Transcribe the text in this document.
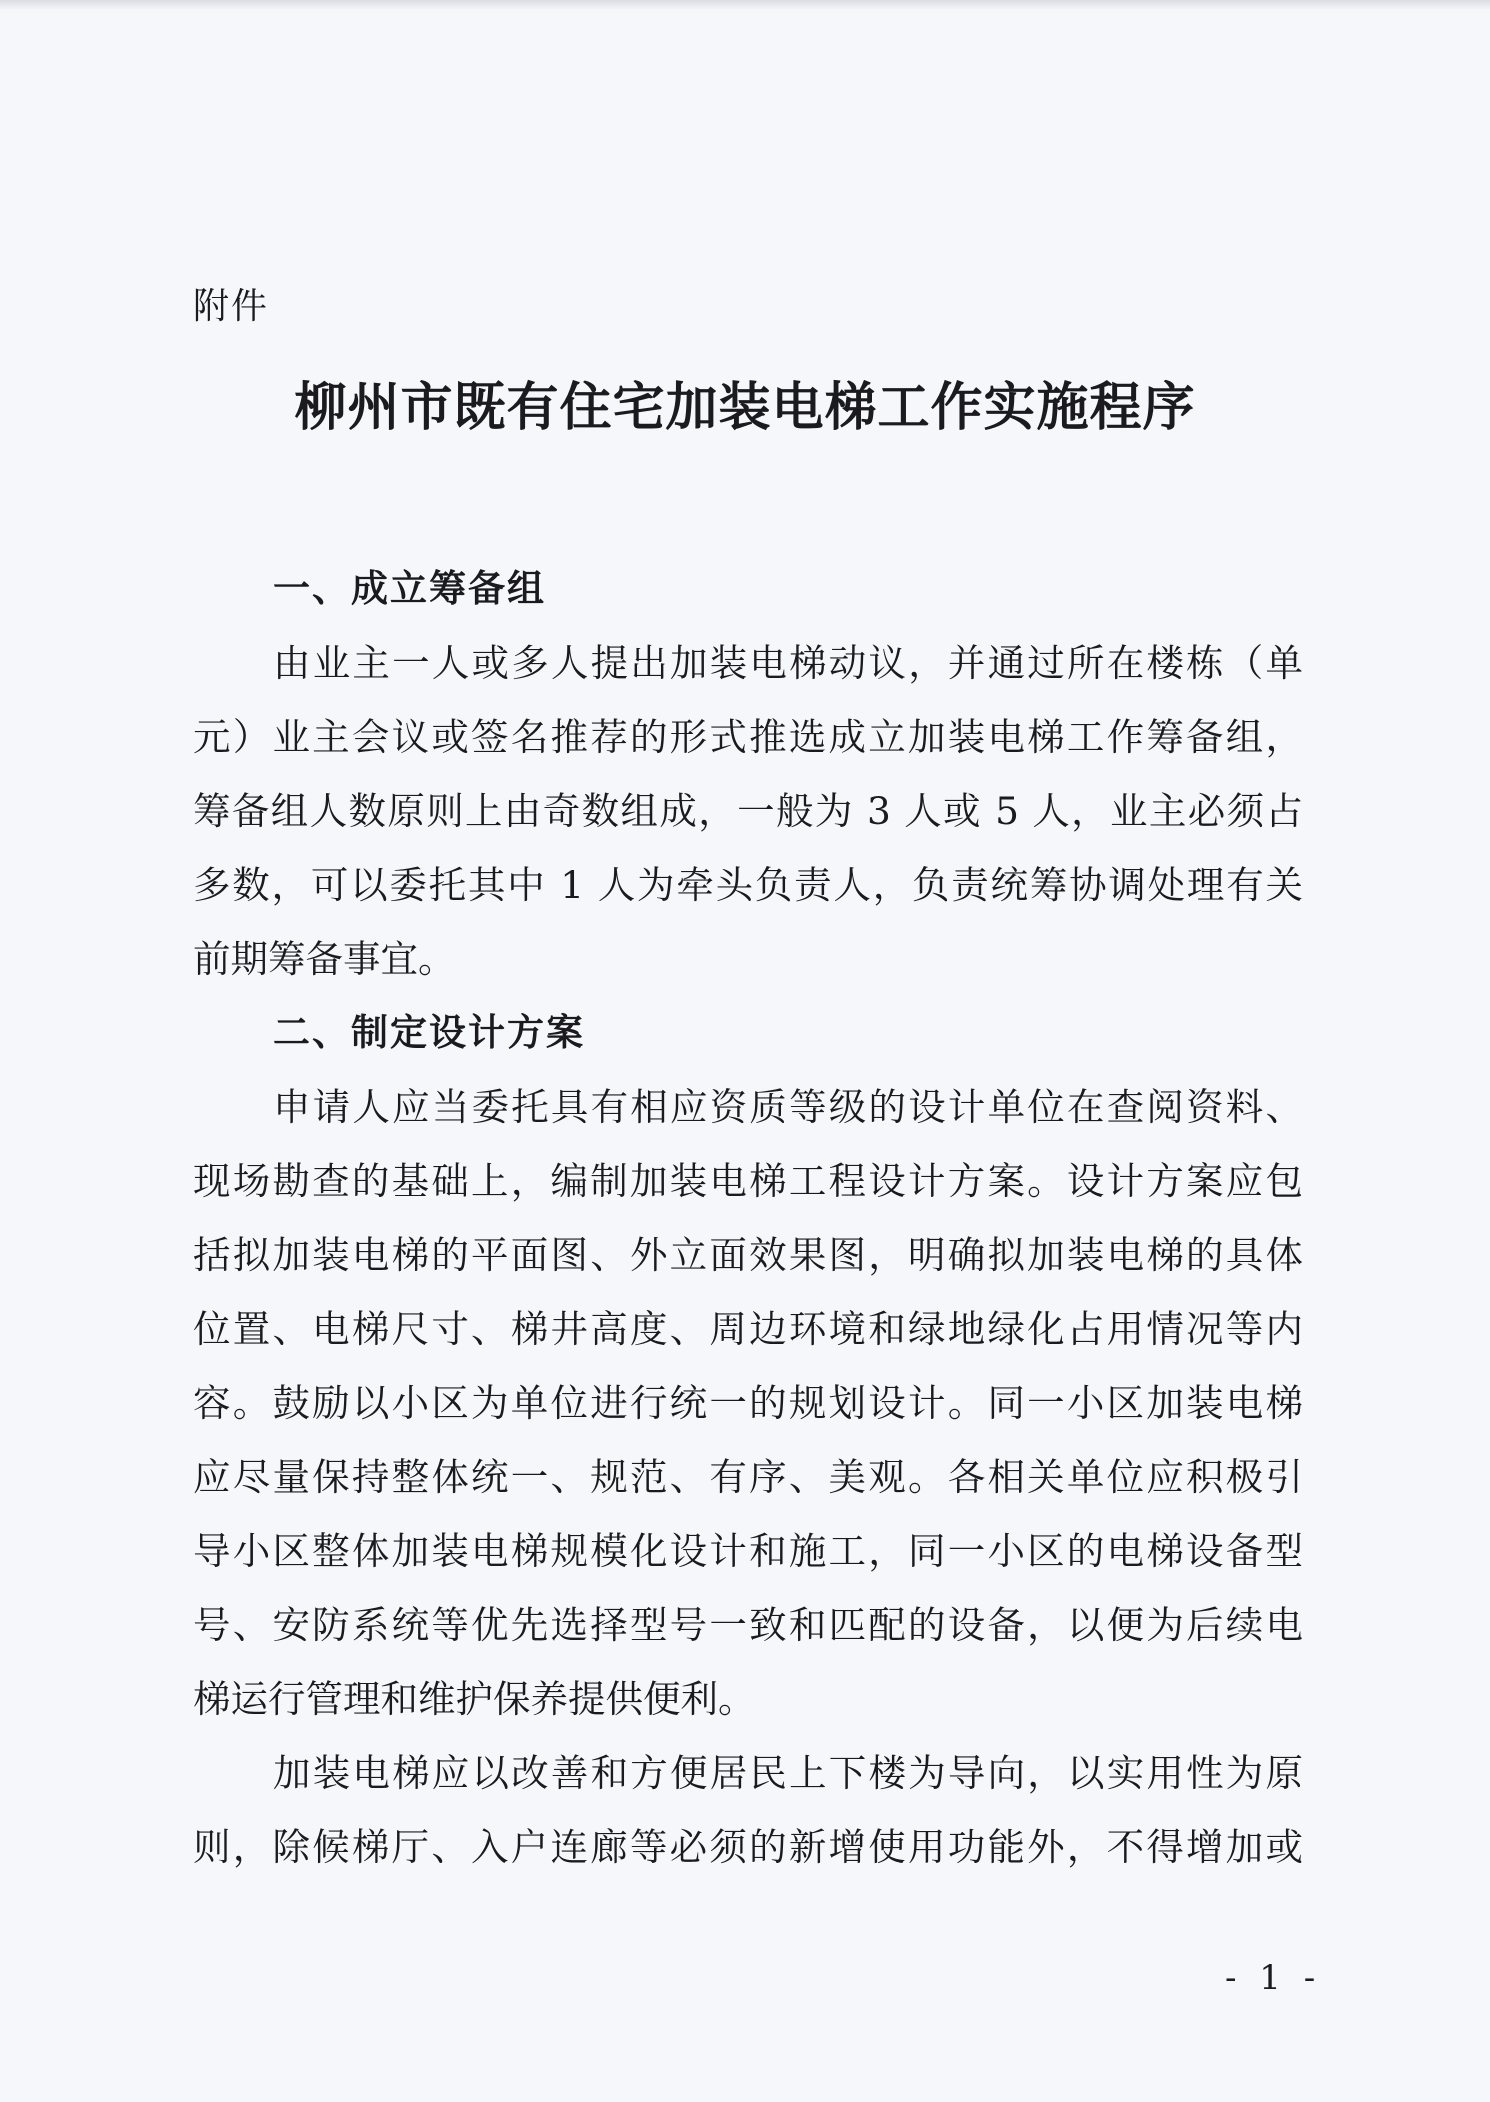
附件
柳州市既有住宅加装电梯工作实施程序
一、成立筹备组
由业主一人或多人提出加装电梯动议，并通过所在楼栋（单
元）业主会议或签名推荐的形式推选成立加装电梯工作筹备组，
筹备组人数原则上由奇数组成，一般为 3 人或 5 人，业主必须占
多数，可以委托其中 1 人为牵头负责人，负责统筹协调处理有关
前期筹备事宜。
二、制定设计方案
申请人应当委托具有相应资质等级的设计单位在查阅资料、
现场勘查的基础上，编制加装电梯工程设计方案。设计方案应包
括拟加装电梯的平面图、外立面效果图，明确拟加装电梯的具体
位置、电梯尺寸、梯井高度、周边环境和绿地绿化占用情况等内
容。鼓励以小区为单位进行统一的规划设计。同一小区加装电梯
应尽量保持整体统一、规范、有序、美观。各相关单位应积极引
导小区整体加装电梯规模化设计和施工，同一小区的电梯设备型
号、安防系统等优先选择型号一致和匹配的设备，以便为后续电
梯运行管理和维护保养提供便利。
加装电梯应以改善和方便居民上下楼为导向，以实用性为原
则，除候梯厅、入户连廊等必须的新增使用功能外，不得增加或
- 1 -
